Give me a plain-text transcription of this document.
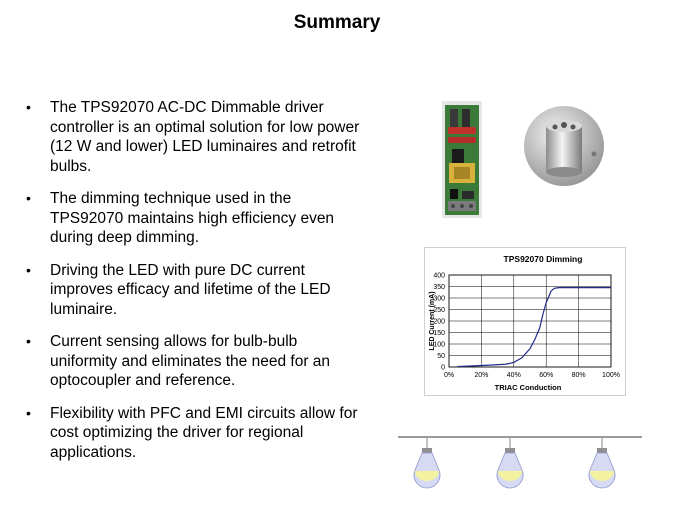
Summary
• The TPS92070 AC-DC Dimmable driver controller is an optimal solution for low power (12 W and lower) LED luminaires and retrofit bulbs.
• The dimming technique used in the TPS92070 maintains high efficiency even during deep dimming.
• Driving the LED with pure DC current improves efficacy and lifetime of the LED luminaire.
• Current sensing allows for bulb-bulb uniformity and eliminates the need for an optocoupler and reference.
• Flexibility with PFC and EMI circuits allow for cost optimizing the driver for regional applications.
TPS92070 Dimming
LED Current (mA)
TRIAC Conduction
0
50
100
150
200
250
300
350
400
0%	20%	40%	60%	80% 100%
